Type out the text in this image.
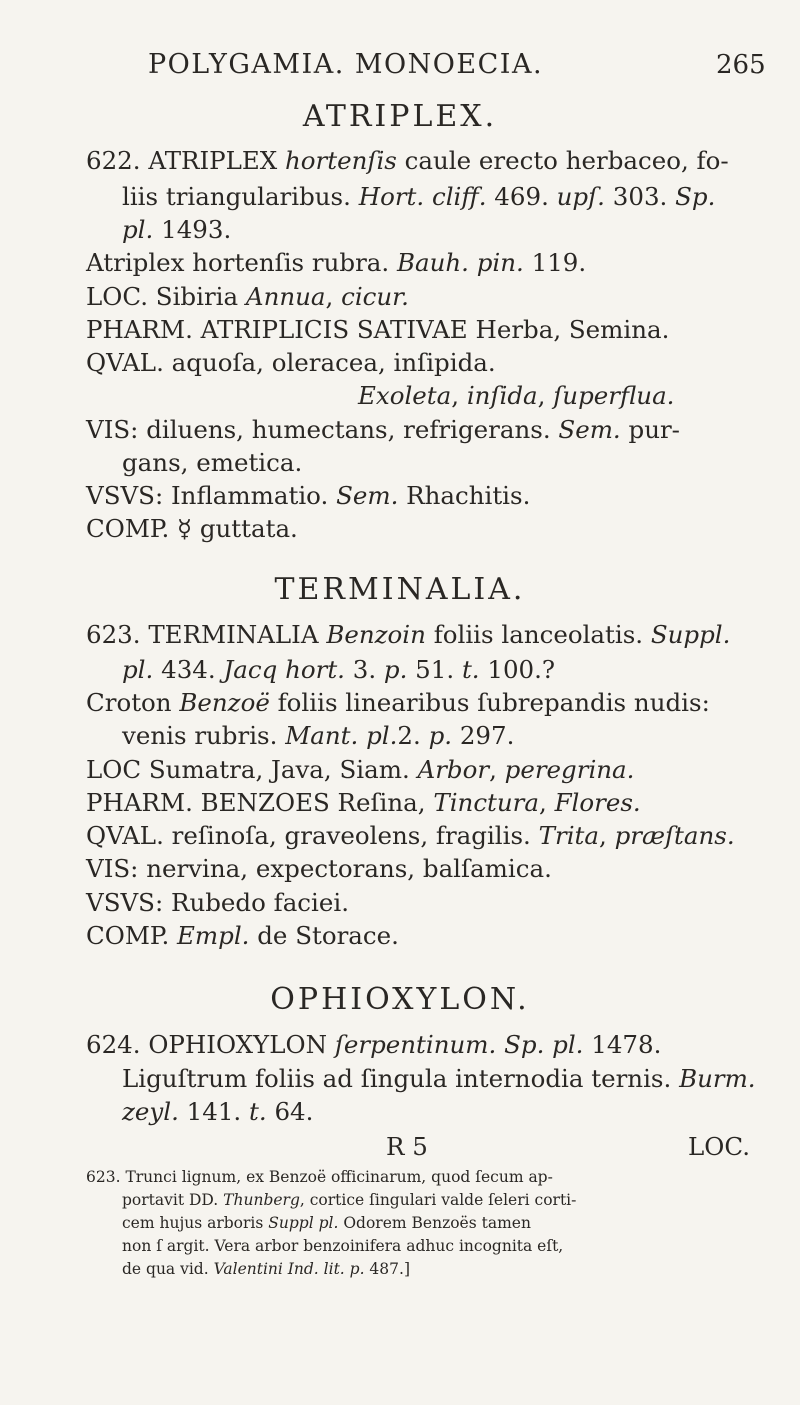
POLYGAMIA. MONOECIA.	265
ATRIPLEX.
622. ATRIPLEX hortenſis caule erecto herbaceo, fo-
liis triangularibus. Hort. cliff. 469. upſ. 303. Sp.
pl. 1493.
Atriplex hortenſis rubra. Bauh. pin. 119.
LOC. Sibiria Annua, cicur.
PHARM. ATRIPLICIS SATIVAE Herba, Semina.
QVAL. aquoſa, oleracea, inſipida.
Exoleta, inſida, ſuperflua.
VIS: diluens, humectans, refrigerans. Sem. pur-
gans, emetica.
VSVS: Inflammatio. Sem. Rhachitis.
COMP. ☿ guttata.
TERMINALIA.
623. TERMINALIA Benzoin foliis lanceolatis. Suppl.
pl. 434. Jacq hort. 3. p. 51. t. 100.?
Croton Benzoë foliis linearibus ſubrepandis nudis:
venis rubris. Mant. pl.2. p. 297.
LOC Sumatra, Java, Siam. Arbor, peregrina.
PHARM. BENZOES Reſina, Tinctura, Flores.
QVAL. reſinoſa, graveolens, fragilis. Trita, præſtans.
VIS: nervina, expectorans, balſamica.
VSVS: Rubedo faciei.
COMP. Empl. de Storace.
OPHIOXYLON.
624. OPHIOXYLON ſerpentinum. Sp. pl. 1478.
Liguſtrum foliis ad ſingula internodia ternis. Burm.
zeyl. 141. t. 64.
R 5	LOC.
623. Trunci lignum, ex Benzoë officinarum, quod ſecum ap-
portavit DD. Thunberg, cortice ſingulari valde ſeleri corti-
cem hujus arboris Suppl pl. Odorem Benzoës tamen
non ſ argit. Vera arbor benzoinifera adhuc incognita eſt,
de qua vid. Valentini Ind. lit. p. 487.]
